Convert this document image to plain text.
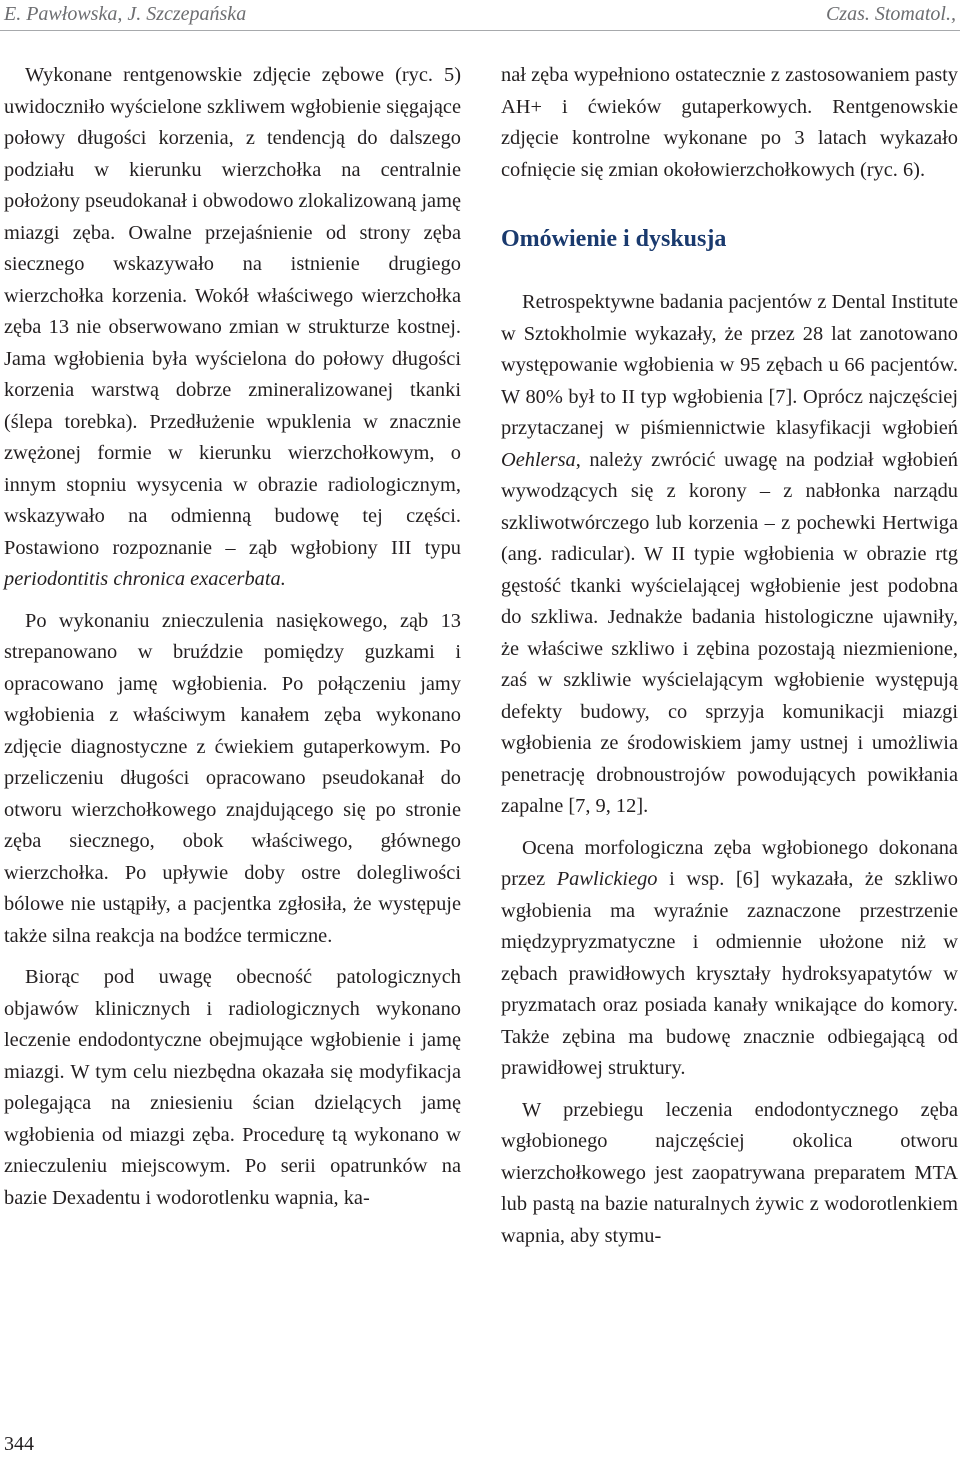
E. Pawłowska, J. Szczepańska	Czas. Stomatol.,

Wykonane rentgenowskie zdjęcie zębowe (ryc. 5) uwidoczniło wyścielone szkliwem wgłobienie sięgające połowy długości korzenia, z tendencją do dalszego podziału w kierunku wierzchołka na centralnie położony pseudokanał i obwodowo zlokalizowaną jamę miazgi zęba. Owalne przejaśnienie od strony zęba siecznego wskazywało na istnienie drugiego wierzchołka korzenia. Wokół właściwego wierzchołka zęba 13 nie obserwowano zmian w strukturze kostnej. Jama wgłobienia była wyścielona do połowy długości korzenia warstwą dobrze zmineralizowanej tkanki (ślepa torebka). Przedłużenie wpuklenia w znacznie zwężonej formie w kierunku wierzchołkowym, o innym stopniu wysycenia w obrazie radiologicznym, wskazywało na odmienną budowę tej części. Postawiono rozpoznanie – ząb wgłobiony III typu periodontitis chronica exacerbata.

Po wykonaniu znieczulenia nasiękowego, ząb 13 strepanowano w bruździe pomiędzy guzkami i opracowano jamę wgłobienia. Po połączeniu jamy wgłobienia z właściwym kanałem zęba wykonano zdjęcie diagnostyczne z ćwiekiem gutaperkowym. Po przeliczeniu długości opracowano pseudokanał do otworu wierzchołkowego znajdującego się po stronie zęba siecznego, obok właściwego, głównego wierzchołka. Po upływie doby ostre dolegliwości bólowe nie ustąpiły, a pacjentka zgłosiła, że występuje także silna reakcja na bodźce termiczne.

Biorąc pod uwagę obecność patologicznych objawów klinicznych i radiologicznych wykonano leczenie endodontyczne obejmujące wgłobienie i jamę miazgi. W tym celu niezbędna okazała się modyfikacja polegająca na zniesieniu ścian dzielących jamę wgłobienia od miazgi zęba. Procedurę tą wykonano w znieczuleniu miejscowym. Po serii opatrunków na bazie Dexadentu i wodorotlenku wapnia, ka-

nał zęba wypełniono ostatecznie z zastosowaniem pasty AH+ i ćwieków gutaperkowych. Rentgenowskie zdjęcie kontrolne wykonane po 3 latach wykazało cofnięcie się zmian okołowierzchołkowych (ryc. 6).

Omówienie i dyskusja

Retrospektywne badania pacjentów z Dental Institute w Sztokholmie wykazały, że przez 28 lat zanotowano występowanie wgłobienia w 95 zębach u 66 pacjentów. W 80% był to II typ wgłobienia [7]. Oprócz najczęściej przytaczanej w piśmiennictwie klasyfikacji wgłobień Oehlersa, należy zwrócić uwagę na podział wgłobień wywodzących się z korony – z nabłonka narządu szkliwotwórczego lub korzenia – z pochewki Hertwiga (ang. radicular). W II typie wgłobienia w obrazie rtg gęstość tkanki wyścielającej wgłobienie jest podobna do szkliwa. Jednakże badania histologiczne ujawniły, że właściwe szkliwo i zębina pozostają niezmienione, zaś w szkliwie wyścielającym wgłobienie występują defekty budowy, co sprzyja komunikacji miazgi wgłobienia ze środowiskiem jamy ustnej i umożliwia penetrację drobnoustrojów powodujących powikłania zapalne [7, 9, 12].

Ocena morfologiczna zęba wgłobionego dokonana przez Pawlickiego i wsp. [6] wykazała, że szkliwo wgłobienia ma wyraźnie zaznaczone przestrzenie międzypryzmatyczne i odmiennie ułożone niż w zębach prawidłowych kryształy hydroksyapatytów w pryzmatach oraz posiada kanały wnikające do komory. Także zębina ma budowę znacznie odbiegającą od prawidłowej struktury.

W przebiegu leczenia endodontycznego zęba wgłobionego najczęściej okolica otworu wierzchołkowego jest zaopatrywana preparatem MTA lub pastą na bazie naturalnych żywic z wodorotlenkiem wapnia, aby stymu-

344
